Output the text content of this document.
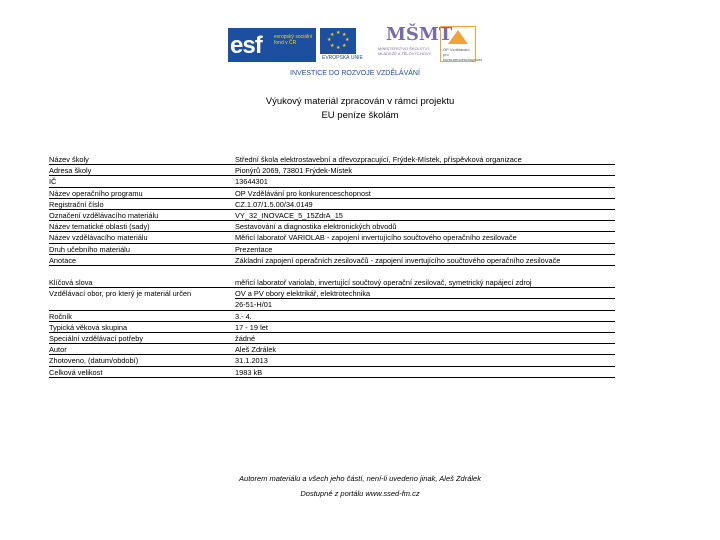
esf evropský sociální fond v ČR
★ ★
★
★
★
★
★
★
EVROPSKÁ UNIE
MŠMT
MINISTERSTVO ŠKOLSTVÍ, MLÁDEŽE A TĚLOVÝCHOVY
OP Vzdělávání pro konkurenceschopnost
INVESTICE DO ROZVOJE VZDĚLÁVÁNÍ
Výukový materiál zpracován v rámci projektu
EU peníze školám
Název školy	Střední škola elektrostavební a dřevozpracující, Frýdek-Místek, příspěvková organizace
Adresa školy	Pionýrů 2069, 73801 Frýdek-Místek
IČ	13644301
Název operačního programu	OP Vzdělávání pro konkurenceschopnost
Registrační číslo	CZ.1.07/1.5.00/34.0149
Označení vzdělávacího materiálu	VY_32_INOVACE_5_15ZdrA_15
Název tematické oblasti (sady)	Sestavování a diagnostika elektronických obvodů
Název vzdělávacího materiálu	Měřicí laboratoř VARIOLAB - zapojení invertujícího součtového operačního zesilovače
Druh učebního materiálu	Prezentace
Anotace	Základní zapojení operačních zesilovačů - zapojení invertujícího součtového operačního zesilovače
Klíčová slova	měřicí laboratoř variolab, invertující součtový operační zesilovač, symetrický napájecí zdroj
Vzdělávací obor, pro který je materiál určen	OV a PV obory elektrikář, elektrotechnika
26-51-H/01
Ročník	3.- 4.
Typická věková skupina	17 - 19 let
Speciální vzdělávací potřeby	žádné
Autor	Aleš Zdrálek
Zhotoveno, (datum/období)	31.1.2013
Celková velikost	1983 kB
Autorem materiálu a všech jeho částí, není-li uvedeno jinak, Aleš Zdrálek
Dostupné z portálu www.ssed-fm.cz
